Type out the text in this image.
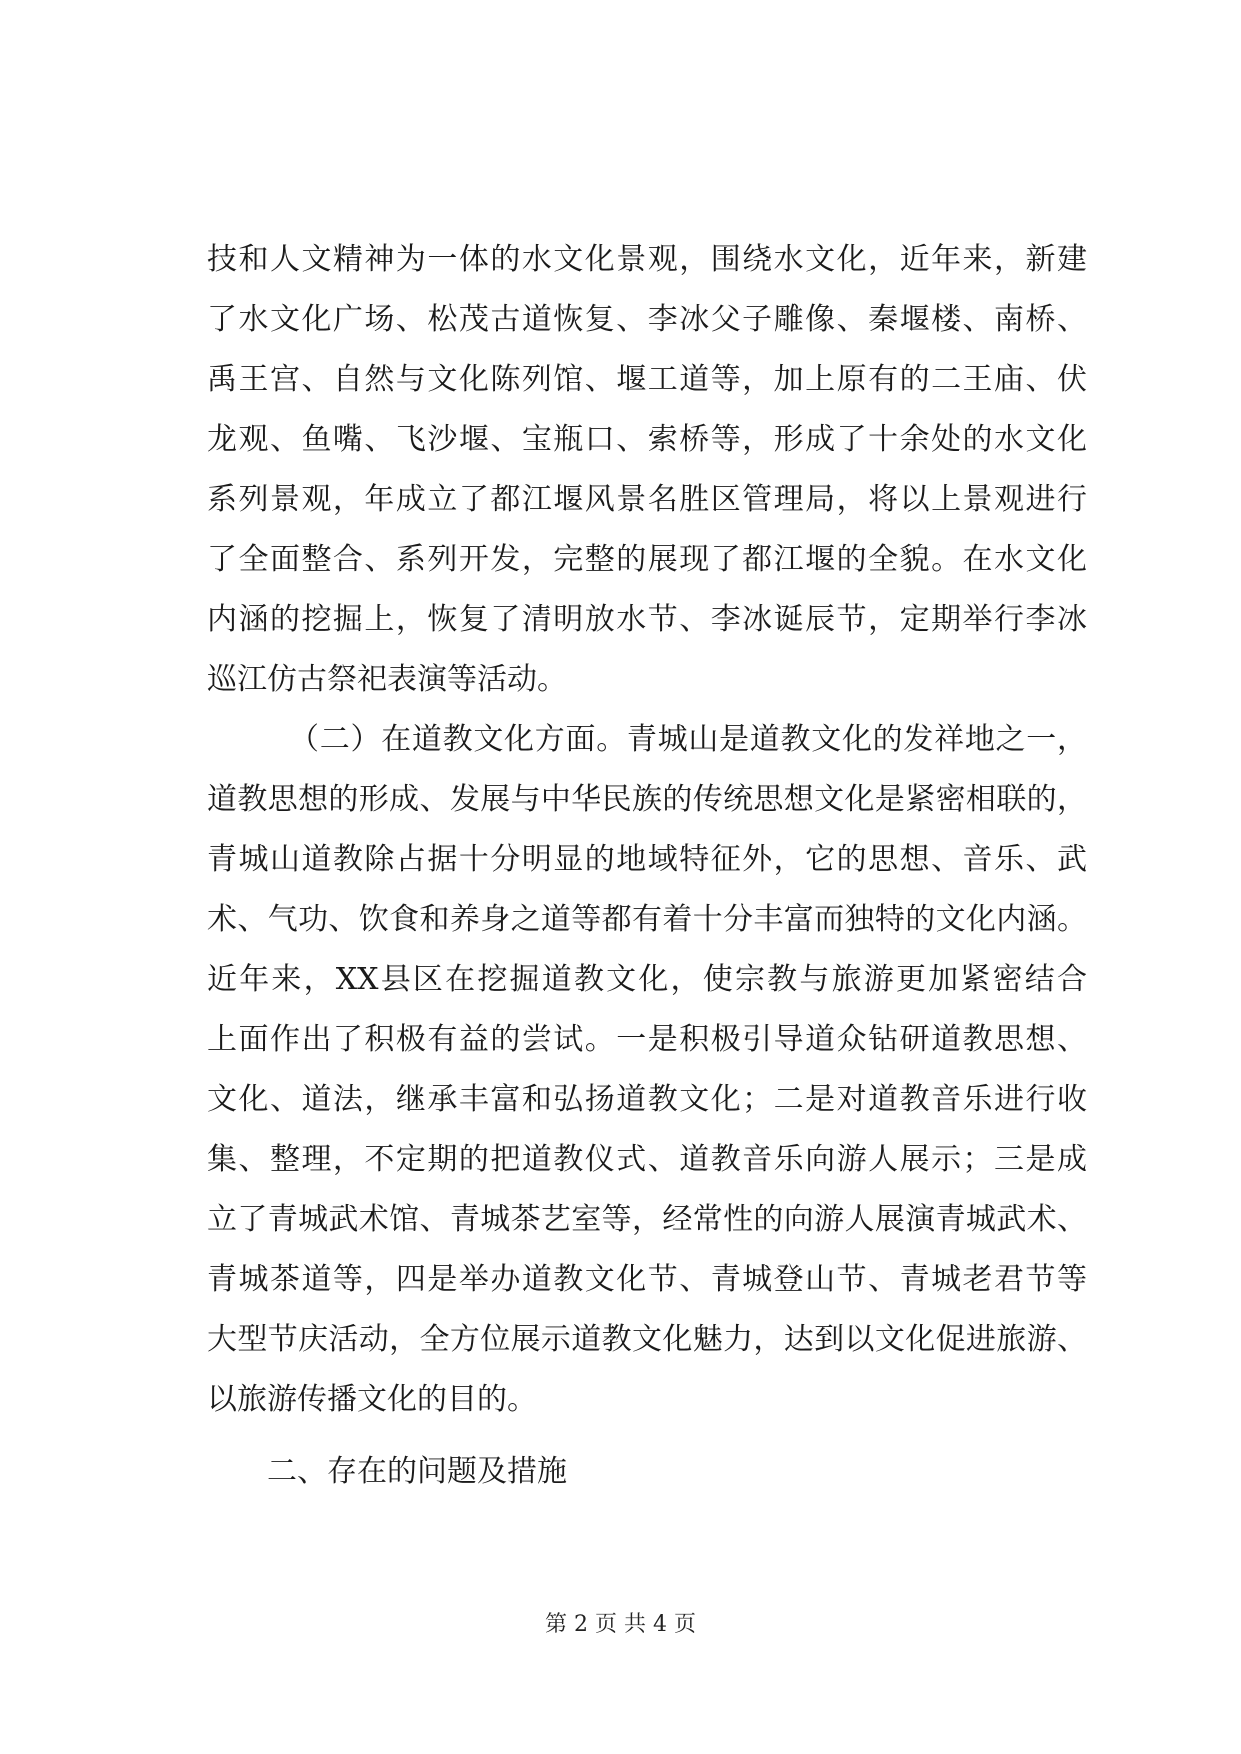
技和人文精神为一体的水文化景观，围绕水文化，近年来，新建
了水文化广场、松茂古道恢复、李冰父子雕像、秦堰楼、南桥、
禹王宫、自然与文化陈列馆、堰工道等，加上原有的二王庙、伏
龙观、鱼嘴、飞沙堰、宝瓶口、索桥等，形成了十余处的水文化
系列景观，年成立了都江堰风景名胜区管理局，将以上景观进行
了全面整合、系列开发，完整的展现了都江堰的全貌。在水文化
内涵的挖掘上，恢复了清明放水节、李冰诞辰节，定期举行李冰
巡江仿古祭祀表演等活动。
（二）在道教文化方面。青城山是道教文化的发祥地之一，
道教思想的形成、发展与中华民族的传统思想文化是紧密相联的，
青城山道教除占据十分明显的地域特征外，它的思想、音乐、武
术、气功、饮食和养身之道等都有着十分丰富而独特的文化内涵。
近年来，XX县区在挖掘道教文化，使宗教与旅游更加紧密结合
上面作出了积极有益的尝试。一是积极引导道众钻研道教思想、
文化、道法，继承丰富和弘扬道教文化；二是对道教音乐进行收
集、整理，不定期的把道教仪式、道教音乐向游人展示；三是成
立了青城武术馆、青城茶艺室等，经常性的向游人展演青城武术、
青城茶道等，四是举办道教文化节、青城登山节、青城老君节等
大型节庆活动，全方位展示道教文化魅力，达到以文化促进旅游、
以旅游传播文化的目的。
二、存在的问题及措施
第 2 页 共 4 页
